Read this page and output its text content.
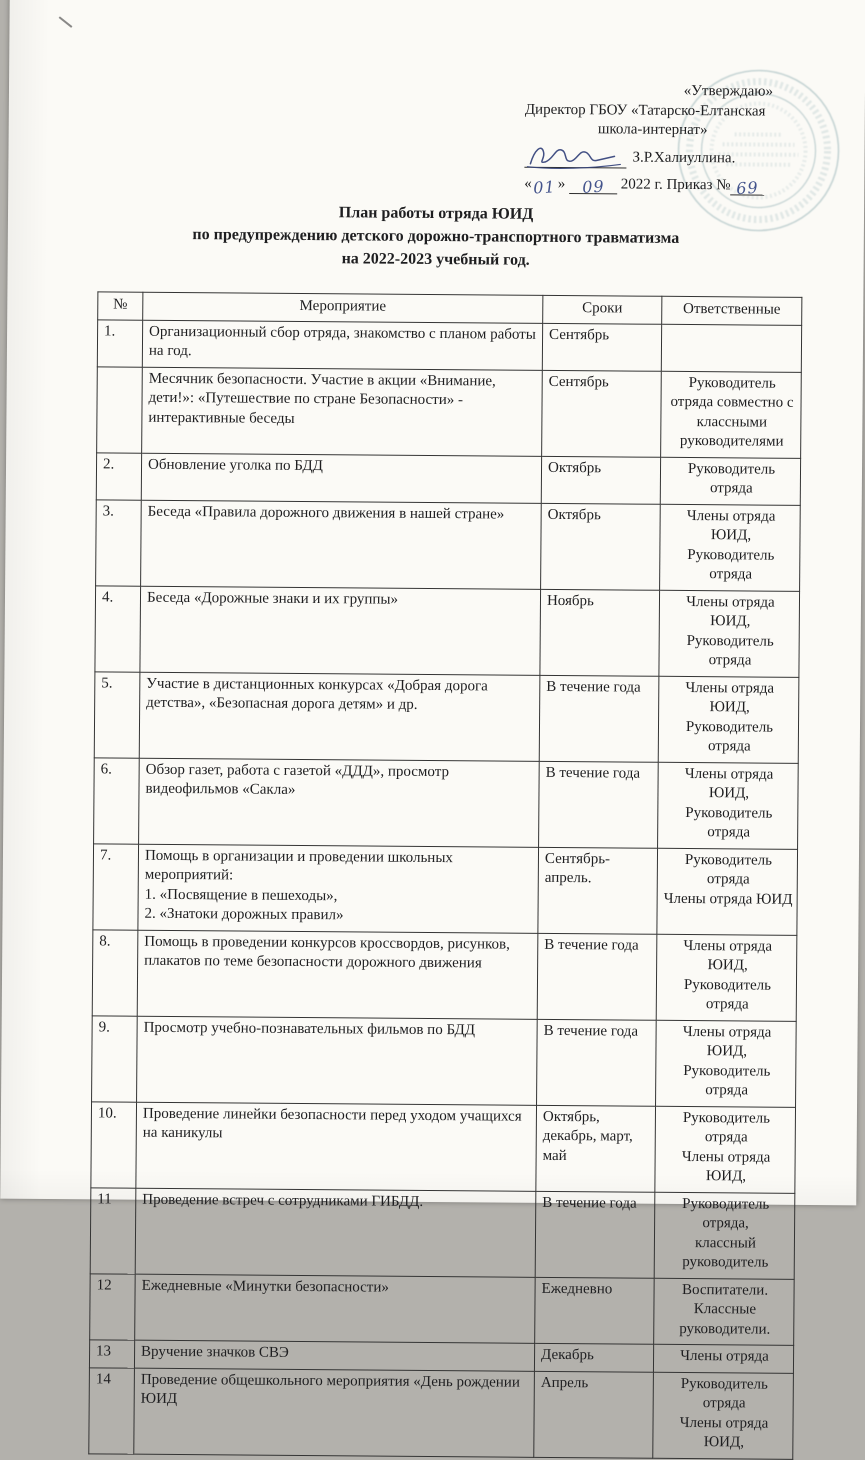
«Утверждаю»
Директор ГБОУ «Татарско-Елтанская
школа-интернат»
З.Р.Халиуллина.
«01» 09 2022 г. Приказ № 69
План работы отряда ЮИД
по предупреждению детского дорожно-транспортного травматизма
на 2022-2023 учебный год.
№	Мероприятие	Сроки	Ответственные
1.	Организационный сбор отряда, знакомство с планом работы на год.	Сентябрь	
	Месячник безопасности. Участие в акции «Внимание, дети!»: «Путешествие по стране Безопасности» - интерактивные беседы	Сентябрь	Руководитель отряда совместно с классными руководителями
2.	Обновление уголка по БДД	Октябрь	Руководитель отряда
3.	Беседа «Правила дорожного движения в нашей стране»	Октябрь	Члены отряда ЮИД,
Руководитель отряда
4.	Беседа «Дорожные знаки и их группы»	Ноябрь	Члены отряда ЮИД,
Руководитель отряда
5.	Участие в дистанционных конкурсах «Добрая дорога детства», «Безопасная дорога детям» и др.	В течение года	Члены отряда ЮИД,
Руководитель отряда
6.	Обзор газет, работа с газетой «ДДД», просмотр видеофильмов «Сакла»	В течение года	Члены отряда ЮИД,
Руководитель отряда
7.	Помощь в организации и проведении школьных мероприятий:
1. «Посвящение в пешеходы»,
2. «Знатоки дорожных правил»	Сентябрь-апрель.	Руководитель отряда
Члены отряда ЮИД
8.	Помощь в проведении конкурсов кроссвордов, рисунков, плакатов по теме безопасности дорожного движения	В течение года	Члены отряда ЮИД,
Руководитель отряда
9.	Просмотр учебно-познавательных фильмов по БДД	В течение года	Члены отряда ЮИД,
Руководитель отряда
10.	Проведение линейки безопасности перед уходом учащихся на каникулы	Октябрь, декабрь, март, май	Руководитель отряда
Члены отряда ЮИД,
11	Проведение встреч с сотрудниками ГИБДД.	В течение года	Руководитель отряда,
классный руководитель
12	Ежедневные «Минутки безопасности»	Ежедневно	Воспитатели. Классные
руководители.
13	Вручение значков СВЭ	Декабрь	Члены отряда
14	Проведение общешкольного мероприятия «День рождении ЮИД	Апрель	Руководитель отряда
Члены отряда ЮИД,
